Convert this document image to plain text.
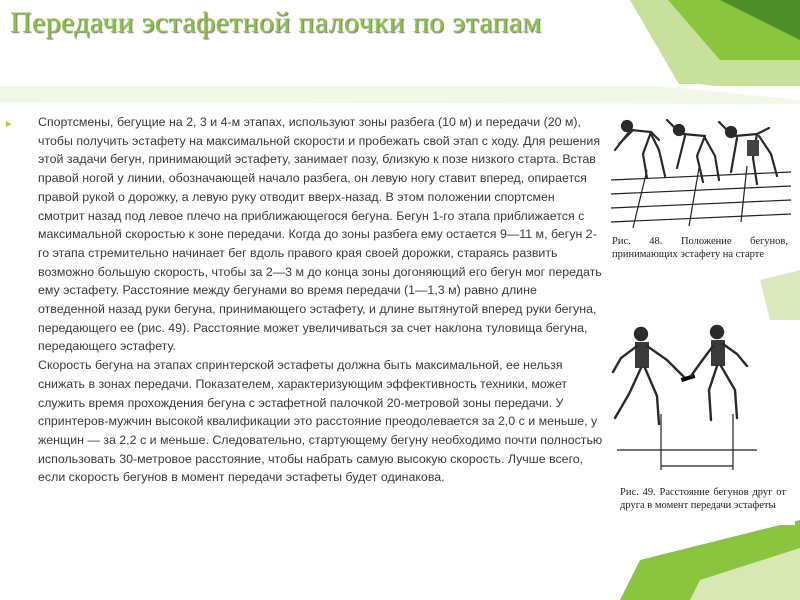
Передачи эстафетной палочки по этапам
► Спортсмены, бегущие на 2, 3 и 4-м этапах, используют зоны разбега (10 м) и передачи (20 м), чтобы получить эстафету на максимальной скорости и пробежать свой этап с ходу. Для решения этой задачи бегун, принимающий эстафету, занимает позу, близкую к позе низкого старта. Встав правой ногой у линии, обозначающей начало разбега, он левую ногу ставит вперед, опирается правой рукой о дорожку, а левую руку отводит вверх-назад. В этом положении спортсмен смотрит назад под левое плечо на приближающегося бегуна. Бегун 1-го этапа приближается с максимальной скоростью к зоне передачи. Когда до зоны разбега ему остается 9—11 м, бегун 2-го этапа стремительно начинает бег вдоль правого края своей дорожки, стараясь развить возможно большую скорость, чтобы за 2—3 м до конца зоны догоняющий его бегун мог передать ему эстафету. Расстояние между бегунами во время передачи (1—1,3 м) равно длине отведенной назад руки бегуна, принимающего эстафету, и длине вытянутой вперед руки бегуна, передающего ее (рис. 49). Расстояние может увеличиваться за счет наклона туловища бегуна, передающего эстафету.

Скорость бегуна на этапах спринтерской эстафеты должна быть максимальной, ее нельзя снижать в зонах передачи. Показателем, характеризующим эффективность техники, может служить время прохождения бегуна с эстафетной палочкой 20-метровой зоны передачи. У спринтеров-мужчин высокой квалификации это расстояние преодолевается за 2,0 с и меньше, у женщин — за 2,2 с и меньше. Следовательно, стартующему бегуну необходимо почти полностью использовать 30-метровое расстояние, чтобы набрать самую высокую скорость. Лучше всего, если скорость бегунов в момент передачи эстафеты будет одинакова.

Рис. 48. Положение бегунов, принимающих эстафету на старте
Рис. 49. Расстояние бегунов друг от друга в момент передачи эстафеты
